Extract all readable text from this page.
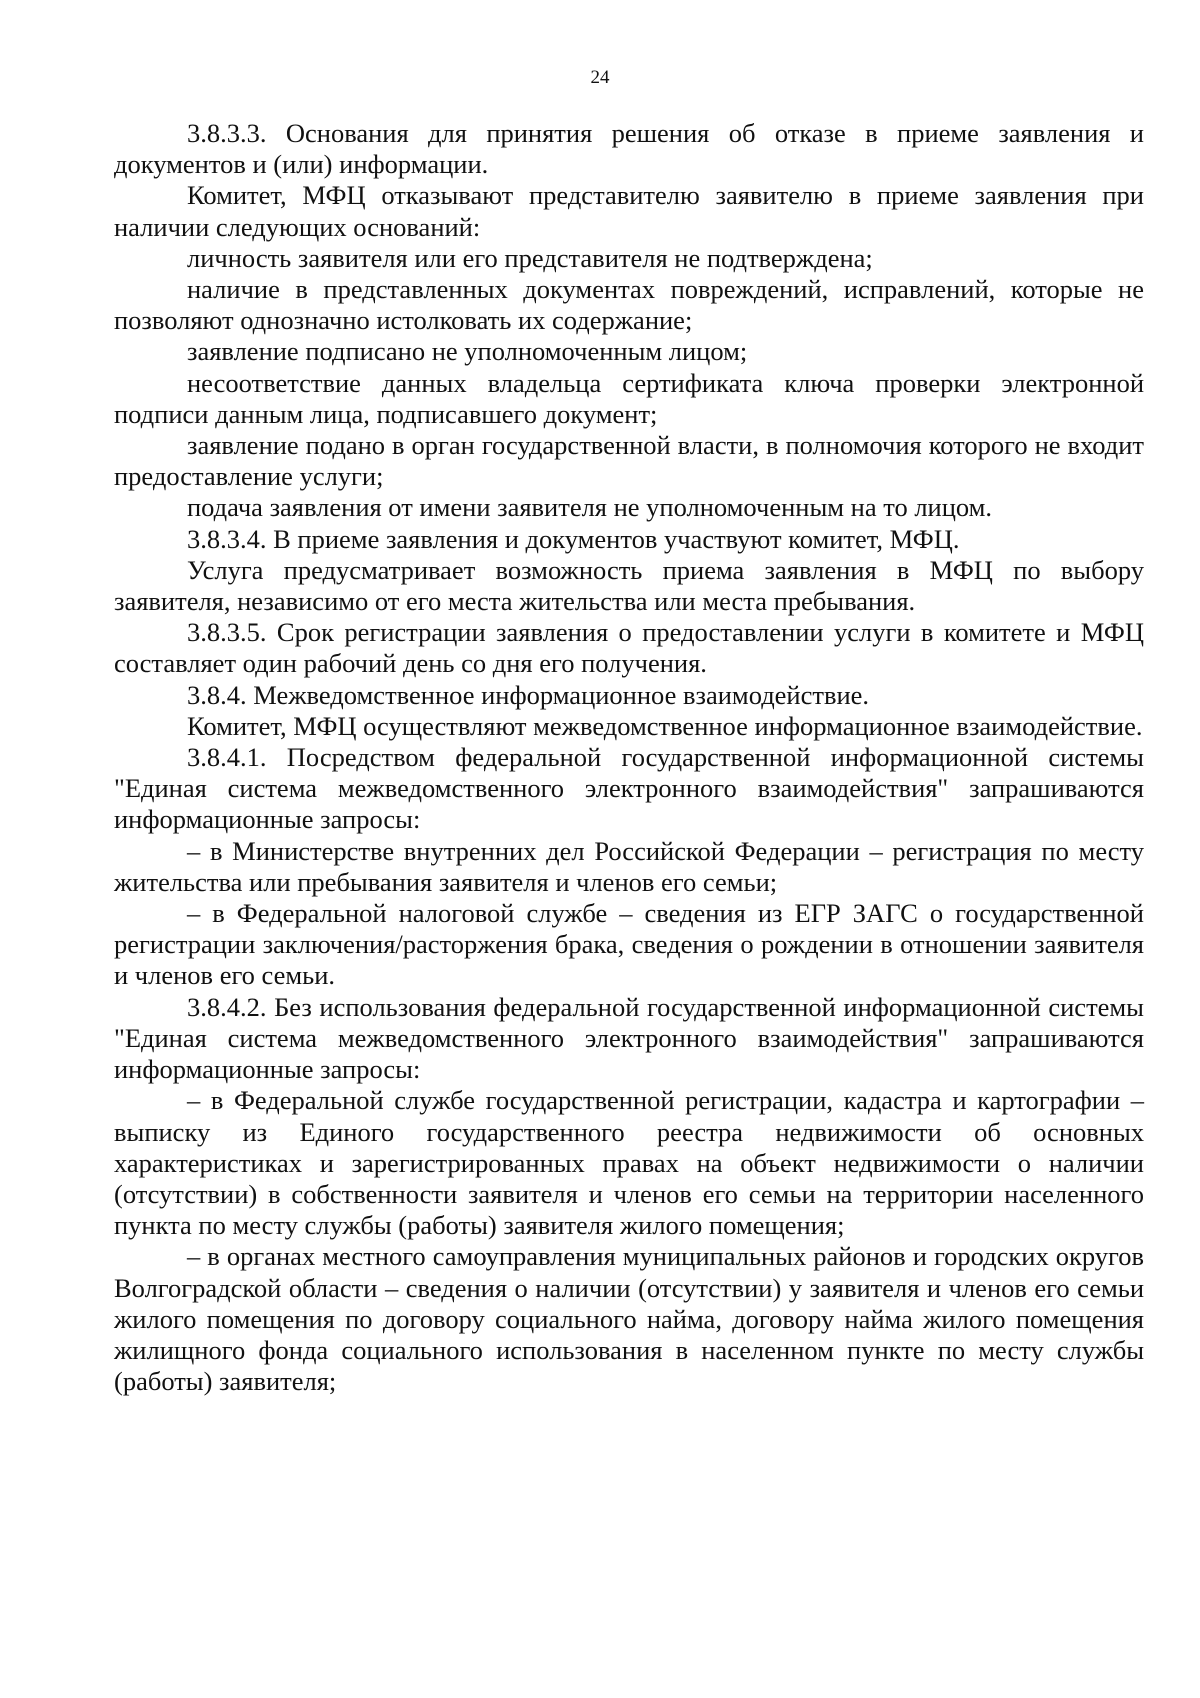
24

3.8.3.3. Основания для принятия решения об отказе в приеме заявления и документов и (или) информации.

Комитет, МФЦ отказывают представителю заявителю в приеме заявления при наличии следующих оснований:

личность заявителя или его представителя не подтверждена;

наличие в представленных документах повреждений, исправлений, которые не позволяют однозначно истолковать их содержание;

заявление подписано не уполномоченным лицом;

несоответствие данных владельца сертификата ключа проверки электронной подписи данным лица, подписавшего документ;

заявление подано в орган государственной власти, в полномочия которого не входит предоставление услуги;

подача заявления от имени заявителя не уполномоченным на то лицом.

3.8.3.4. В приеме заявления и документов участвуют комитет, МФЦ.

Услуга предусматривает возможность приема заявления в МФЦ по выбору заявителя, независимо от его места жительства или места пребывания.

3.8.3.5. Срок регистрации заявления о предоставлении услуги в комитете и МФЦ составляет один рабочий день со дня его получения.

3.8.4. Межведомственное информационное взаимодействие.

Комитет, МФЦ осуществляют межведомственное информационное взаимодействие.

3.8.4.1. Посредством федеральной государственной информационной системы "Единая система межведомственного электронного взаимодействия" запрашиваются информационные запросы:

– в Министерстве внутренних дел Российской Федерации – регистрация по месту жительства или пребывания заявителя и членов его семьи;

– в Федеральной налоговой службе – сведения из ЕГР ЗАГС о государственной регистрации заключения/расторжения брака, сведения о рождении в отношении заявителя и членов его семьи.

3.8.4.2. Без использования федеральной государственной информационной системы "Единая система межведомственного электронного взаимодействия" запрашиваются информационные запросы:

– в Федеральной службе государственной регистрации, кадастра и картографии – выписку из Единого государственного реестра недвижимости об основных характеристиках и зарегистрированных правах на объект недвижимости о наличии (отсутствии) в собственности заявителя и членов его семьи на территории населенного пункта по месту службы (работы) заявителя жилого помещения;

– в органах местного самоуправления муниципальных районов и городских округов Волгоградской области – сведения о наличии (отсутствии) у заявителя и членов его семьи жилого помещения по договору социального найма, договору найма жилого помещения жилищного фонда социального использования в населенном пункте по месту службы (работы) заявителя;
